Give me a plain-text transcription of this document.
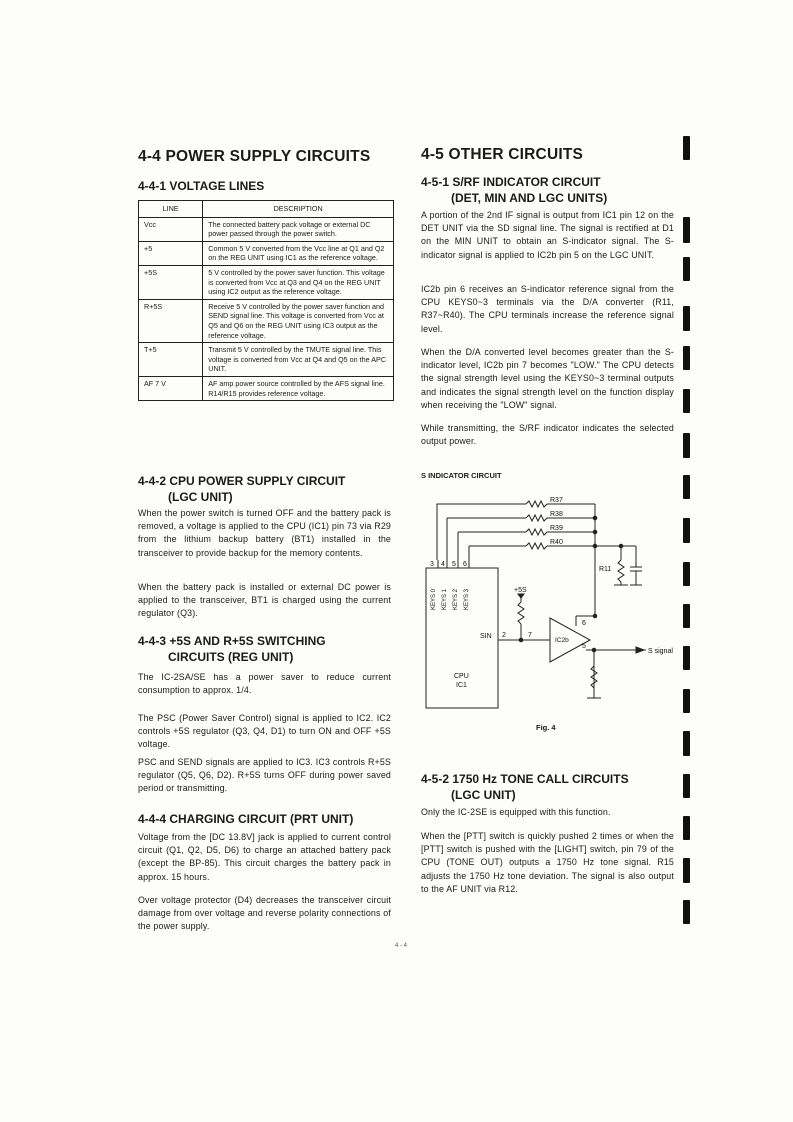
4-4 POWER SUPPLY CIRCUITS
4-4-1 VOLTAGE LINES
LINE	DESCRIPTION
Vcc	The connected battery pack voltage or external DC power passed through the power switch.
+5	Common 5 V converted from the Vcc line at Q1 and Q2 on the REG UNIT using IC1 as the reference voltage.
+5S	5 V controlled by the power saver function. This voltage is converted from Vcc at Q3 and Q4 on the REG UNIT using IC2 output as the reference voltage.
R+5S	Receive 5 V controlled by the power saver function and SEND signal line. This voltage is converted from Vcc at Q5 and Q6 on the REG UNIT using IC3 output as the reference voltage.
T+5	Transmit 5 V controlled by the TMUTE signal line. This voltage is converted from Vcc at Q4 and Q5 on the APC UNIT.
AF 7 V	AF amp power source controlled by the AFS signal line. R14/R15 provides reference voltage.
4-4-2 CPU POWER SUPPLY CIRCUIT
(LGC UNIT)

When the power switch is turned OFF and the battery pack is removed, a voltage is applied to the CPU (IC1) pin 73 via R29 from the lithium backup battery (BT1) installed in the transceiver to provide backup for the memory contents.

When the battery pack is installed or external DC power is applied to the transceiver, BT1 is charged using the current regulator (Q3).

4-4-3 +5S AND R+5S SWITCHING
CIRCUITS (REG UNIT)

The IC-2SA/SE has a power saver to reduce current consumption to approx. 1/4.

The PSC (Power Saver Control) signal is applied to IC2. IC2 controls +5S regulator (Q3, Q4, D1) to turn ON and OFF +5S voltage.

PSC and SEND signals are applied to IC3. IC3 controls R+5S regulator (Q5, Q6, D2). R+5S turns OFF during power saved period or transmitting.

4-4-4 CHARGING CIRCUIT (PRT UNIT)

Voltage from the [DC 13.8V] jack is applied to current control circuit (Q1, Q2, D5, D6) to charge an attached battery pack (except the BP-85). This circuit charges the battery pack in approx. 15 hours.

Over voltage protector (D4) decreases the transceiver circuit damage from over voltage and reverse polarity connections of the power supply.

4-5 OTHER CIRCUITS
4-5-1 S/RF INDICATOR CIRCUIT
(DET, MIN AND LGC UNITS)

A portion of the 2nd IF signal is output from IC1 pin 12 on the DET UNIT via the SD signal line. The signal is rectified at D1 on the MIN UNIT to obtain an S-indicator signal. The S-indicator signal is applied to IC2b pin 5 on the LGC UNIT.

IC2b pin 6 receives an S-indicator reference signal from the CPU KEYS0~3 terminals via the D/A converter (R11, R37~R40). The CPU terminals increase the reference signal level.

When the D/A converted level becomes greater than the S-indicator level, IC2b pin 7 becomes "LOW." The CPU detects the signal strength level using the KEYS0~3 terminal outputs and indicates the signal strength level on the function display when receiving the "LOW" signal.

While transmitting, the S/RF indicator indicates the selected output power.

S INDICATOR CIRCUIT
R37
R38
R39
R40
R11
3 4 5 6
+5S
SIN 2	7
6
5
IC2b
S signal
CPU
IC1
KEYS 0 KEYS 1 KEYS 2 KEYS 3
Fig. 4
4-5-2 1750 Hz TONE CALL CIRCUITS
(LGC UNIT)

Only the IC-2SE is equipped with this function.

When the [PTT] switch is quickly pushed 2 times or when the [PTT] switch is pushed with the [LIGHT] switch, pin 79 of the CPU (TONE OUT) outputs a 1750 Hz tone signal. R15 adjusts the 1750 Hz tone deviation. The signal is also output to the AF UNIT via R12.

4 - 4
